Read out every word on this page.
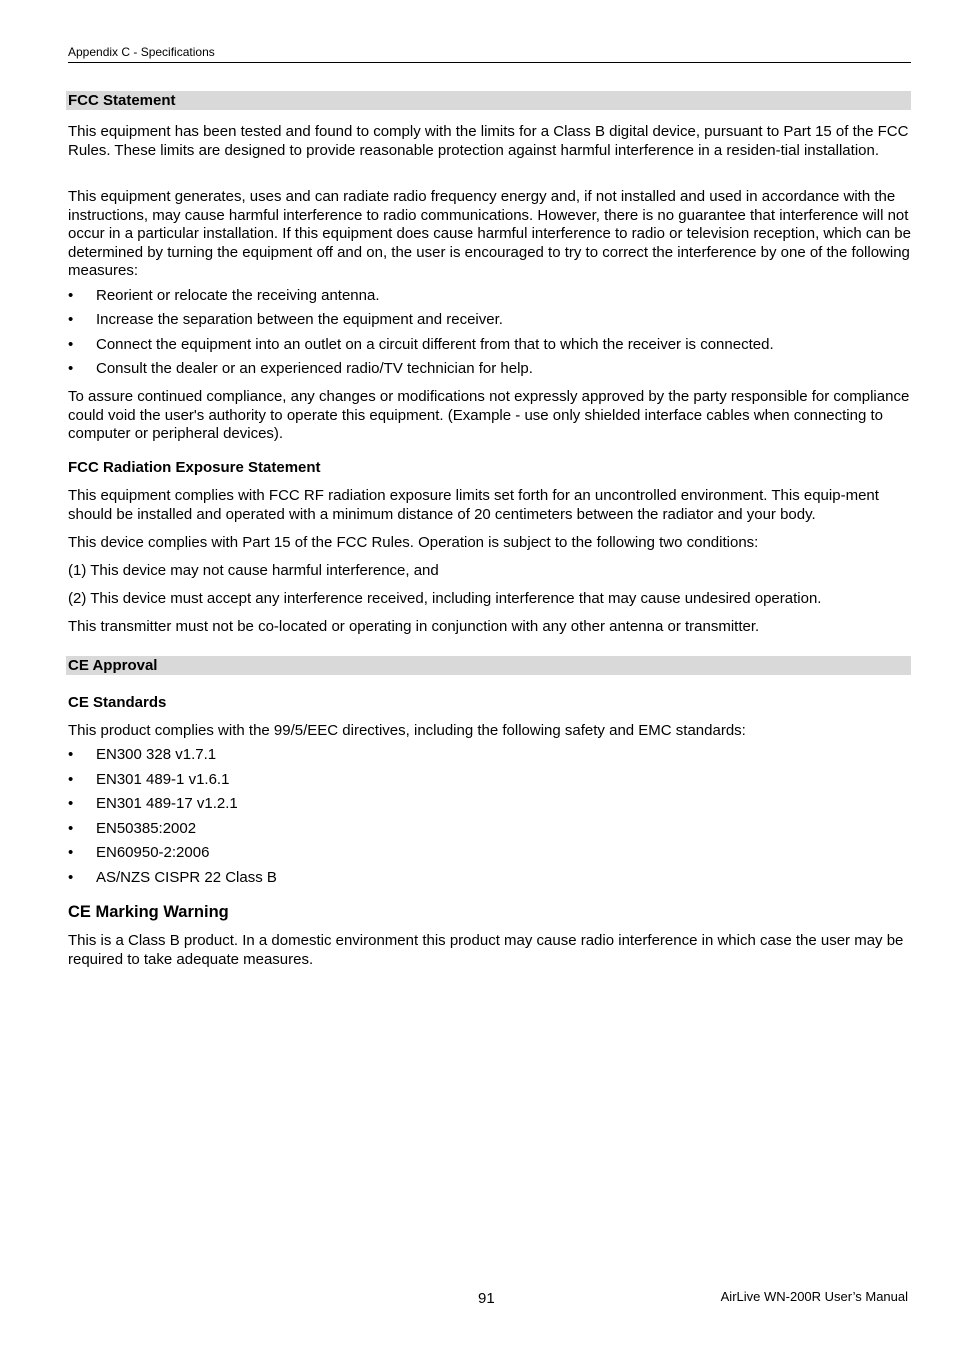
Appendix C - Specifications
FCC Statement
This equipment has been tested and found to comply with the limits for a Class B digital device, pursuant to Part 15 of the FCC Rules. These limits are designed to provide reasonable protection against harmful interference in a residen-tial installation.
This equipment generates, uses and can radiate radio frequency energy and, if not installed and used in accordance with the instructions, may cause harmful interference to radio communications. However, there is no guarantee that interference will not occur in a particular installation. If this equipment does cause harmful interference to radio or television reception, which can be determined by turning the equipment off and on, the user is encouraged to try to correct the interference by one of the following measures:
• Reorient or relocate the receiving antenna.
• Increase the separation between the equipment and receiver.
• Connect the equipment into an outlet on a circuit different from that to which the receiver is connected.
• Consult the dealer or an experienced radio/TV technician for help.
To assure continued compliance, any changes or modifications not expressly approved by the party responsible for compliance could void the user's authority to operate this equipment. (Example - use only shielded interface cables when connecting to computer or peripheral devices).
FCC Radiation Exposure Statement
This equipment complies with FCC RF radiation exposure limits set forth for an uncontrolled environment. This equip-ment should be installed and operated with a minimum distance of 20 centimeters between the radiator and your body.
This device complies with Part 15 of the FCC Rules. Operation is subject to the following two conditions:
(1) This device may not cause harmful interference, and
(2) This device must accept any interference received, including interference that may cause undesired operation.
This transmitter must not be co-located or operating in conjunction with any other antenna or transmitter.
CE Approval
CE Standards
This product complies with the 99/5/EEC directives, including the following safety and EMC standards:
• EN300 328 v1.7.1
• EN301 489-1 v1.6.1
• EN301 489-17 v1.2.1
• EN50385:2002
• EN60950-2:2006
• AS/NZS CISPR 22 Class B
CE Marking Warning
This is a Class B product. In a domestic environment this product may cause radio interference in which case the user may be required to take adequate measures.
91	AirLive WN-200R User’s Manual
